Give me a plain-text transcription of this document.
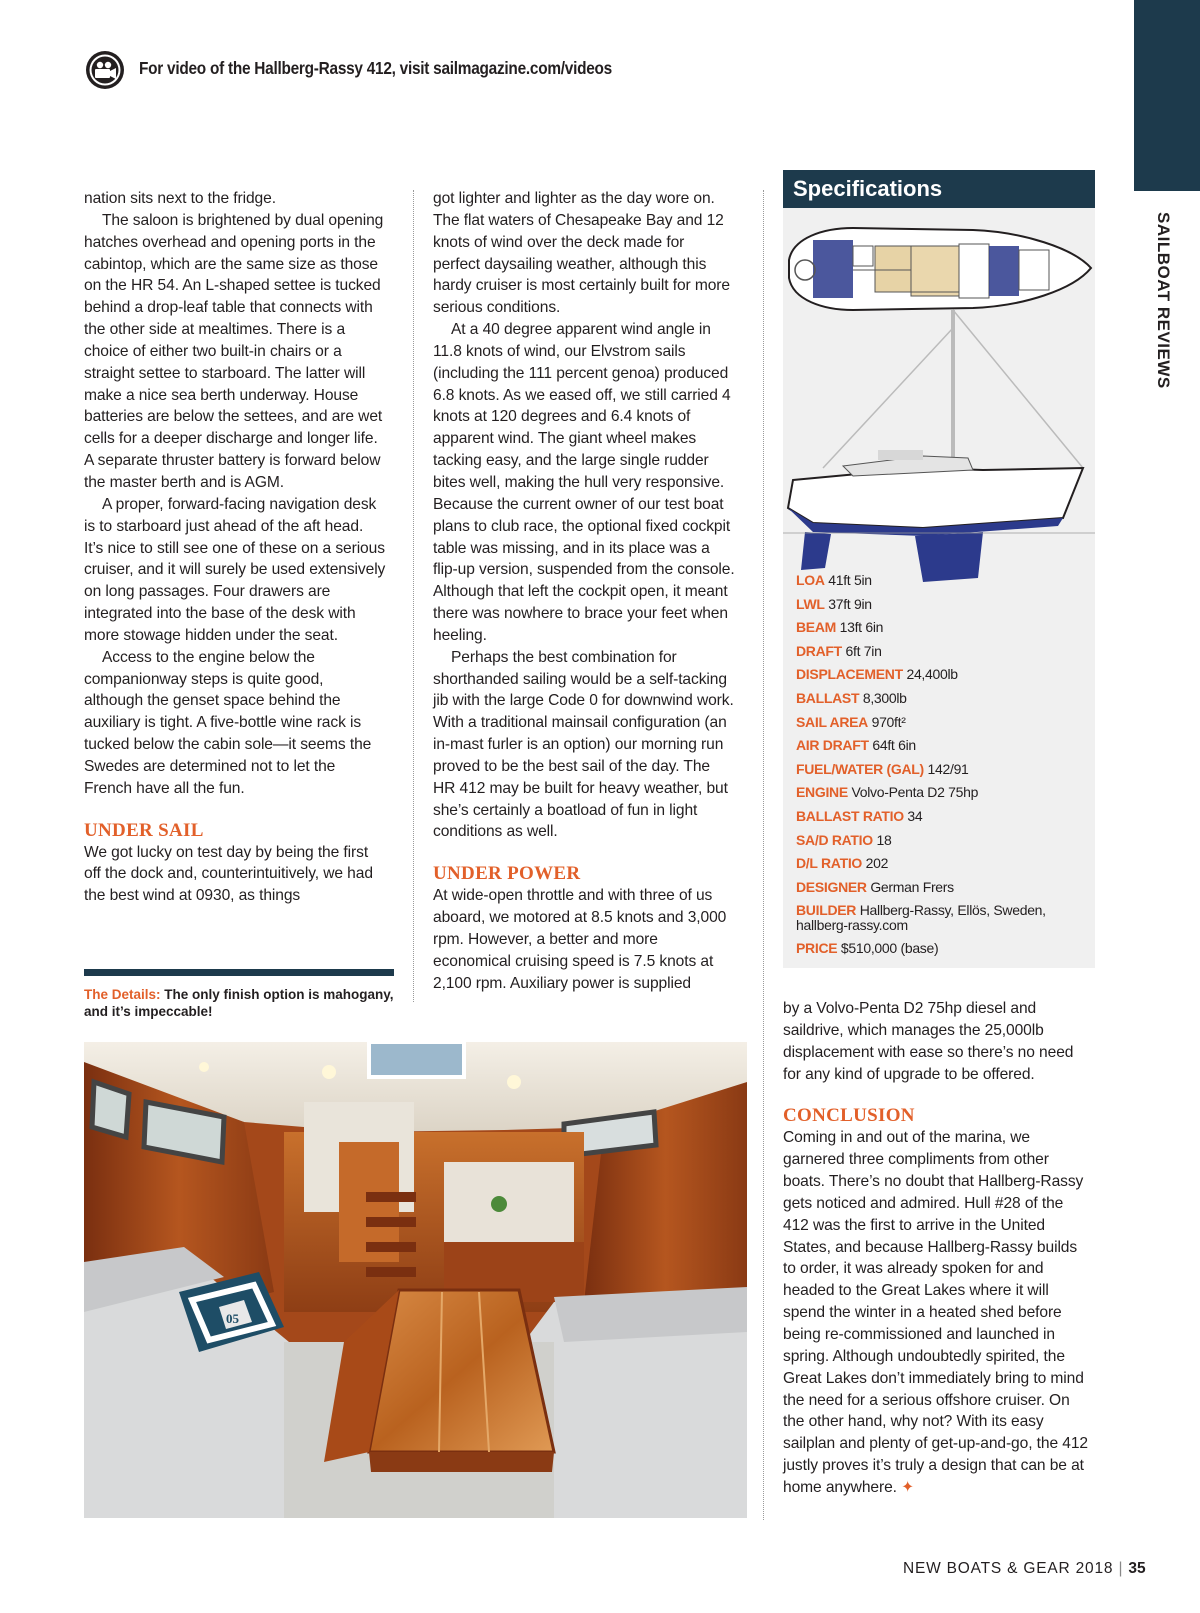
SAILBOAT REVIEWS
For video of the Hallberg-Rassy 412, visit sailmagazine.com/videos

nation sits next to the fridge.

The saloon is brightened by dual opening hatches overhead and opening ports in the cabintop, which are the same size as those on the HR 54. An L-shaped settee is tucked behind a drop-leaf table that connects with the other side at mealtimes. There is a choice of either two built-in chairs or a straight settee to starboard. The latter will make a nice sea berth underway. House batteries are below the settees, and are wet cells for a deeper discharge and longer life. A separate thruster battery is forward below the master berth and is AGM.

A proper, forward-facing navigation desk is to starboard just ahead of the aft head. It’s nice to still see one of these on a serious cruiser, and it will surely be used extensively on long passages. Four drawers are integrated into the base of the desk with more stowage hidden under the seat.

Access to the engine below the companionway steps is quite good, although the genset space behind the auxiliary is tight. A five-bottle wine rack is tucked below the cabin sole—it seems the Swedes are determined not to let the French have all the fun.

UNDER SAIL

We got lucky on test day by being the first off the dock and, counterintuitively, we had the best wind at 0930, as things

got lighter and lighter as the day wore on. The flat waters of Chesapeake Bay and 12 knots of wind over the deck made for perfect daysailing weather, although this hardy cruiser is most certainly built for more serious conditions.

At a 40 degree apparent wind angle in 11.8 knots of wind, our Elvstrom sails (including the 111 percent genoa) produced 6.8 knots. As we eased off, we still carried 4 knots at 120 degrees and 6.4 knots of apparent wind. The giant wheel makes tacking easy, and the large single rudder bites well, making the hull very responsive. Because the current owner of our test boat plans to club race, the optional fixed cockpit table was missing, and in its place was a flip-up version, suspended from the console. Although that left the cockpit open, it meant there was nowhere to brace your feet when heeling.

Perhaps the best combination for shorthanded sailing would be a self-tacking jib with the large Code 0 for downwind work. With a traditional mainsail configuration (an in-mast furler is an option) our morning run proved to be the best sail of the day. The HR 412 may be built for heavy weather, but she’s certainly a boatload of fun in light conditions as well.

UNDER POWER

At wide-open throttle and with three of us aboard, we motored at 8.5 knots and 3,000 rpm. However, a better and more economical cruising speed is 7.5 knots at 2,100 rpm. Auxiliary power is supplied

The Details: The only finish option is mahogany, and it’s impeccable!
05
Specifications
LOA 41ft 5in
LWL 37ft 9in
BEAM 13ft 6in
DRAFT 6ft 7in
DISPLACEMENT 24,400lb
BALLAST 8,300lb
SAIL AREA 970ft²
AIR DRAFT 64ft 6in
FUEL/WATER (GAL) 142/91
ENGINE Volvo-Penta D2 75hp
BALLAST RATIO 34
SA/D RATIO 18
D/L RATIO 202
DESIGNER German Frers
BUILDER Hallberg-Rassy, Ellös, Sweden, hallberg-rassy.com
PRICE $510,000 (base)

by a Volvo-Penta D2 75hp diesel and saildrive, which manages the 25,000lb displacement with ease so there’s no need for any kind of upgrade to be offered.

CONCLUSION

Coming in and out of the marina, we garnered three compliments from other boats. There’s no doubt that Hallberg-Rassy gets noticed and admired. Hull #28 of the 412 was the first to arrive in the United States, and because Hallberg-Rassy builds to order, it was already spoken for and headed to the Great Lakes where it will spend the winter in a heated shed before being re-commissioned and launched in spring. Although undoubtedly spirited, the Great Lakes don’t immediately bring to mind the need for a serious offshore cruiser. On the other hand, why not? With its easy sailplan and plenty of get-up-and-go, the 412 justly proves it’s truly a design that can be at home anywhere. ✦

NEW BOATS & GEAR 2018 | 35
